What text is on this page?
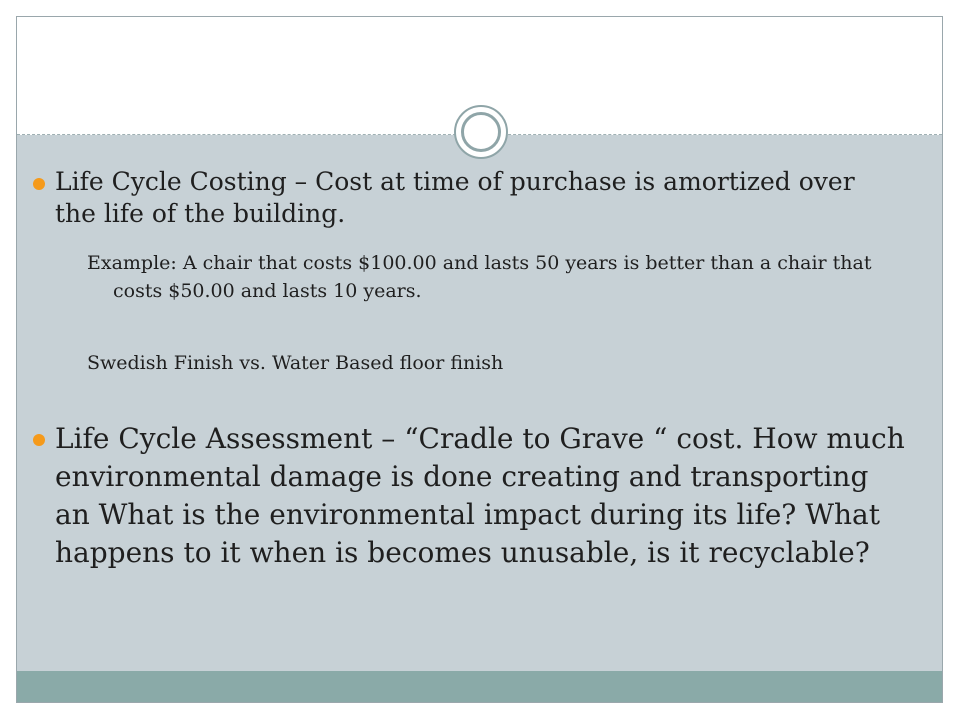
Life Cycle Costing – Cost at time of purchase is amortized over the life of the building.

Example: A chair that costs $100.00 and lasts 50 years is better than a chair that costs $50.00 and lasts 10 years.

Swedish Finish vs. Water Based floor finish

Life Cycle Assessment – “Cradle to Grave “ cost. How much environmental damage is done creating and transporting an What is the environmental impact during its life? What happens to it when is becomes unusable, is it recyclable?
